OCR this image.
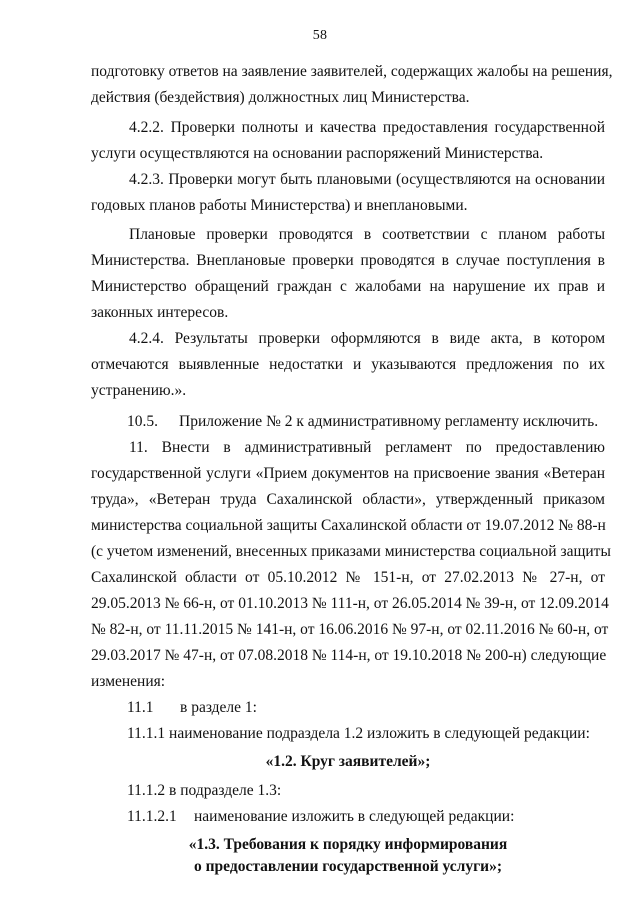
58
подготовку ответов на заявление заявителей, содержащих жалобы на решения,
действия (бездействия) должностных лиц Министерства.
4.2.2. Проверки полноты и качества предоставления государственной
услуги осуществляются на основании распоряжений Министерства.
4.2.3. Проверки могут быть плановыми (осуществляются на основании
годовых планов работы Министерства) и внеплановыми.
Плановые проверки проводятся в соответствии с планом работы
Министерства. Внеплановые проверки проводятся в случае поступления в
Министерство обращений граждан с жалобами на нарушение их прав и
законных интересов.
4.2.4. Результаты проверки оформляются в виде акта, в котором
отмечаются выявленные недостатки и указываются предложения по их
устранению.».
10.5. Приложение № 2 к административному регламенту исключить.
11. Внести в административный регламент по предоставлению
государственной услуги «Прием документов на присвоение звания «Ветеран
труда», «Ветеран труда Сахалинской области», утвержденный приказом
министерства социальной защиты Сахалинской области от 19.07.2012 № 88-н
(с учетом изменений, внесенных приказами министерства социальной защиты
Сахалинской области от 05.10.2012 № 151-н, от 27.02.2013 № 27-н, от
29.05.2013 № 66-н, от 01.10.2013 № 111-н, от 26.05.2014 № 39-н, от 12.09.2014
№ 82-н, от 11.11.2015 № 141-н, от 16.06.2016 № 97-н, от 02.11.2016 № 60-н, от
29.03.2017 № 47-н, от 07.08.2018 № 114-н, от 19.10.2018 № 200-н) следующие
изменения:
11.1 в разделе 1:
11.1.1 наименование подраздела 1.2 изложить в следующей редакции:
«1.2. Круг заявителей»;
11.1.2 в подразделе 1.3:
11.1.2.1 наименование изложить в следующей редакции:
«1.3. Требования к порядку информирования
о предоставлении государственной услуги»;
